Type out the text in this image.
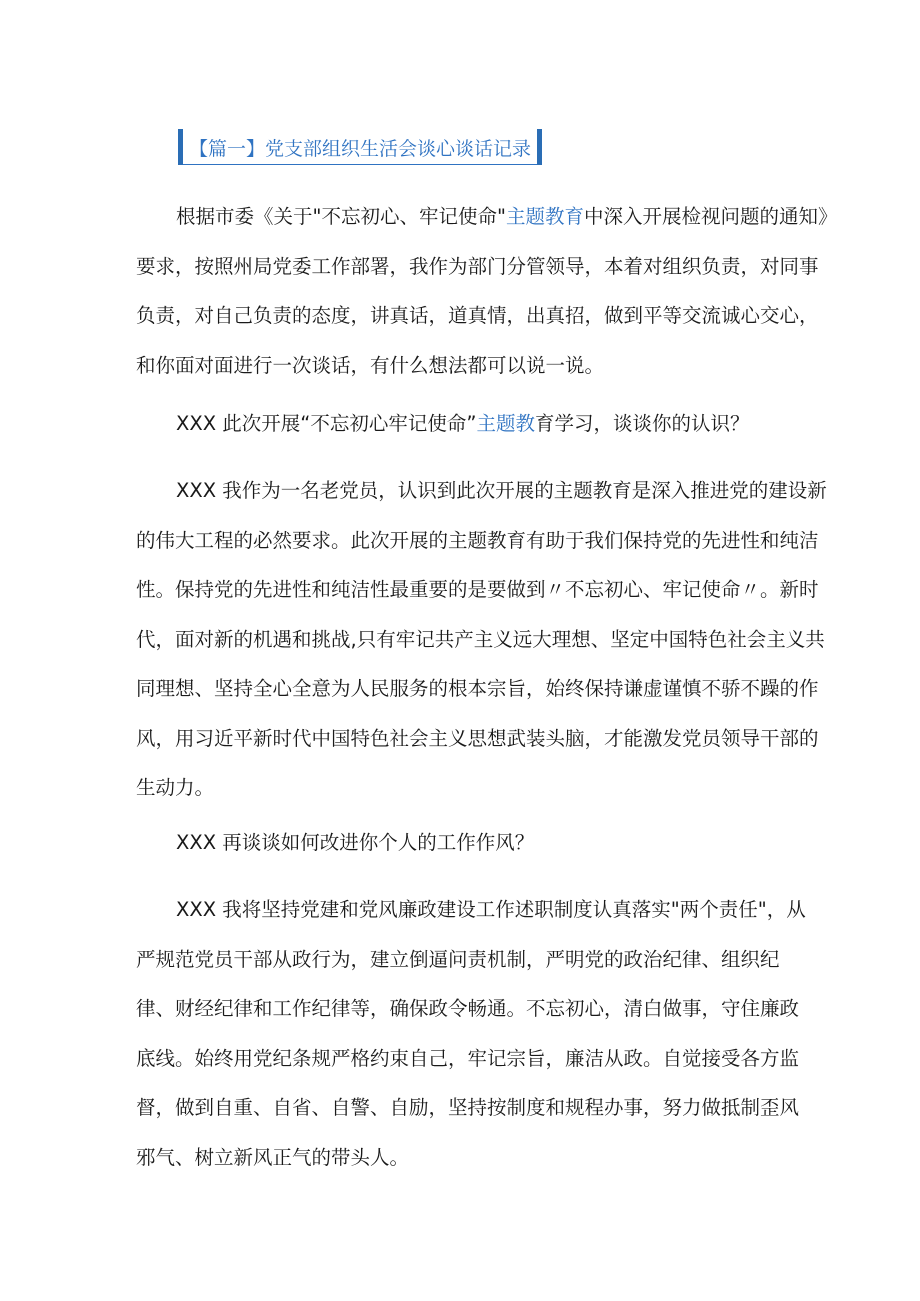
【篇一】党支部组织生活会谈心谈话记录
根据市委《关于"不忘初心、牢记使命"主题教育中深入开展检视问题的通知》
要求，按照州局党委工作部署，我作为部门分管领导，本着对组织负责，对同事
负责，对自己负责的态度，讲真话，道真情，出真招，做到平等交流诚心交心，
和你面对面进行一次谈话，有什么想法都可以说一说。
XXX 此次开展“不忘初心牢记使命”主题教育学习，谈谈你的认识？
XXX 我作为一名老党员，认识到此次开展的主题教育是深入推进党的建设新
的伟大工程的必然要求。此次开展的主题教育有助于我们保持党的先进性和纯洁
性。保持党的先进性和纯洁性最重要的是要做到〃不忘初心、牢记使命〃。新时
代，面对新的机遇和挑战,只有牢记共产主义远大理想、坚定中国特色社会主义共
同理想、坚持全心全意为人民服务的根本宗旨，始终保持谦虚谨慎不骄不躁的作
风，用习近平新时代中国特色社会主义思想武装头脑，才能激发党员领导干部的
生动力。
XXX 再谈谈如何改进你个人的工作作风？
XXX 我将坚持党建和党风廉政建设工作述职制度认真落实"两个责任"，从
严规范党员干部从政行为，建立倒逼问责机制，严明党的政治纪律、组织纪
律、财经纪律和工作纪律等，确保政令畅通。不忘初心，清白做事，守住廉政
底线。始终用党纪条规严格约束自己，牢记宗旨，廉洁从政。自觉接受各方监
督，做到自重、自省、自警、自励，坚持按制度和规程办事，努力做抵制歪风
邪气、树立新风正气的带头人。
